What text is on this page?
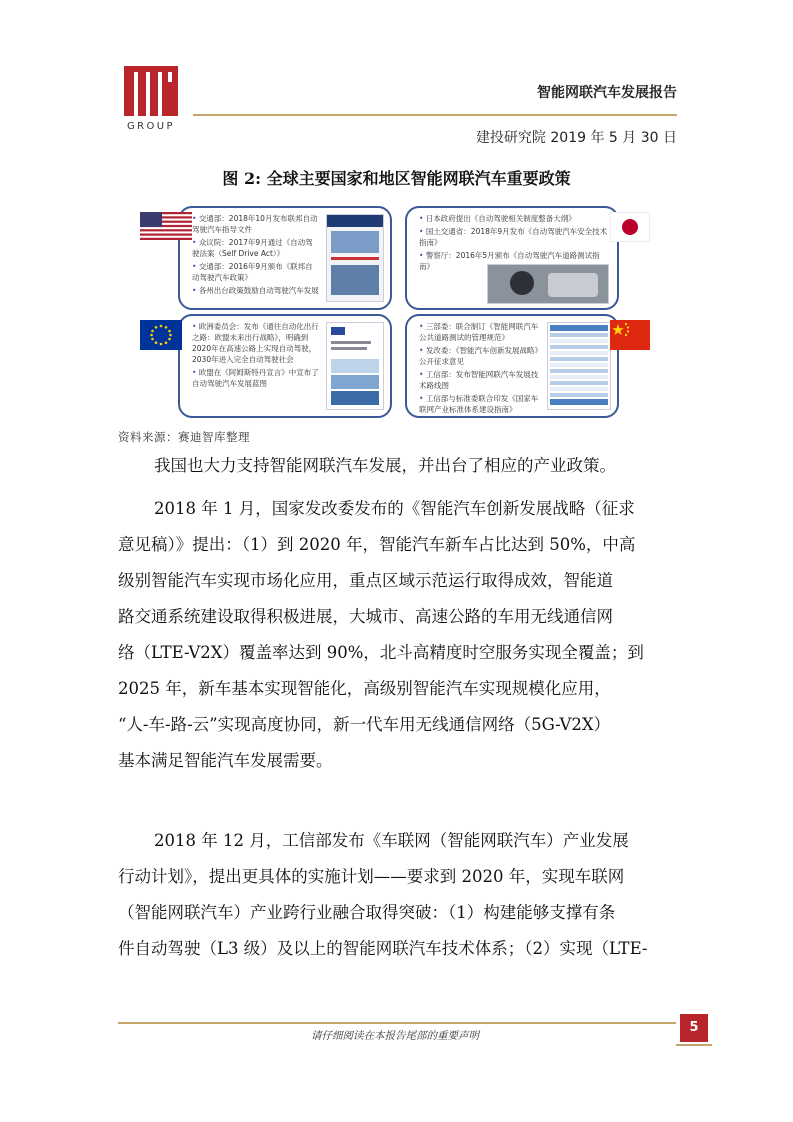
GROUP
智能网联汽车发展报告
建投研究院 2019 年 5 月 30 日
图 2: 全球主要国家和地区智能网联汽车重要政策
• 交通部：2018年10月发布联邦自动驾驶汽车指导文件
• 众议院：2017年9月通过《自动驾驶法案（Self Drive Act）》
• 交通部：2016年9月颁布《联邦自动驾驶汽车政策》
• 各州出台政策鼓励自动驾驶汽车发展
• 日本政府提出《自动驾驶相关制度整备大纲》
• 国土交通省：2018年9月发布《自动驾驶汽车安全技术指南》
• 警察厅：2016年5月颁布《自动驾驶汽车道路测试指南》
• 欧洲委员会：发布《通往自动化出行之路：欧盟未来出行战略》，明确到2020年在高速公路上实现自动驾驶，2030年进入完全自动驾驶社会
• 欧盟在《阿姆斯特丹宣言》中宣布了自动驾驶汽车发展蓝图
• 三部委：联合制订《智能网联汽车公共道路测试的管理规范》
• 发改委：《智能汽车创新发展战略》公开征求意见
• 工信部：发布智能网联汽车发展技术路线图
• 工信部与标准委联合印发《国家车联网产业标准体系建设指南》
资料来源：赛迪智库整理
我国也大力支持智能网联汽车发展，并出台了相应的产业政策。
2018 年 1 月，国家发改委发布的《智能汽车创新发展战略（征求
意见稿）》提出：（1）到 2020 年，智能汽车新车占比达到 50%，中高
级别智能汽车实现市场化应用，重点区域示范运行取得成效，智能道
路交通系统建设取得积极进展，大城市、高速公路的车用无线通信网
络（LTE-V2X）覆盖率达到 90%，北斗高精度时空服务实现全覆盖；到
2025 年，新车基本实现智能化，高级别智能汽车实现规模化应用，
“人-车-路-云”实现高度协同，新一代车用无线通信网络（5G-V2X）
基本满足智能汽车发展需要。
2018 年 12 月，工信部发布《车联网（智能网联汽车）产业发展
行动计划》，提出更具体的实施计划——要求到 2020 年，实现车联网
（智能网联汽车）产业跨行业融合取得突破：（1）构建能够支撑有条
件自动驾驶（L3 级）及以上的智能网联汽车技术体系；（2）实现（LTE-
请仔细阅读在本报告尾部的重要声明
5
